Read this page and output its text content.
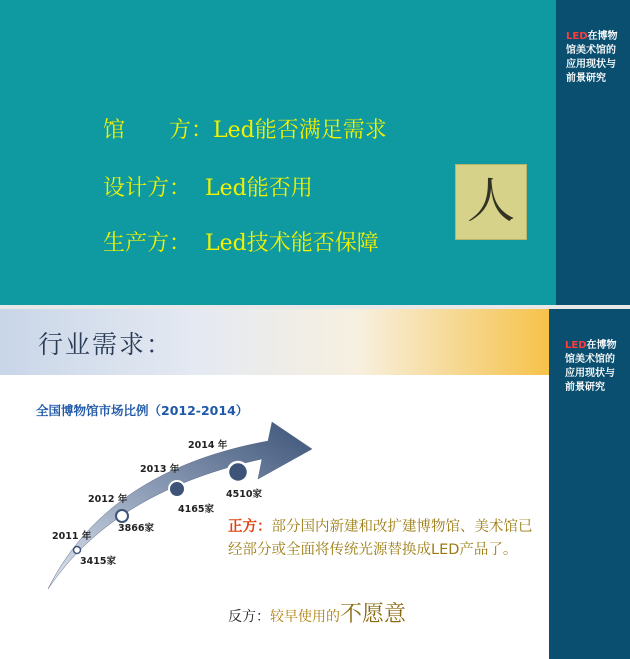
馆 方：Led能否满足需求
设计方： Led能否用
生产方： Led技术能否保障
人
LED在博物馆美术馆的应用现状与前景研究
行业需求：
全国博物馆市场比例（2012-2014）
2011 年
3415家
2012 年
3866家
2013 年
4165家
2014 年
4510家
正方：部分国内新建和改扩建博物馆、美术馆已经部分或全面将传统光源替换成LED产品了。
反方：较早使用的不愿意
LED在博物馆美术馆的应用现状与前景研究
